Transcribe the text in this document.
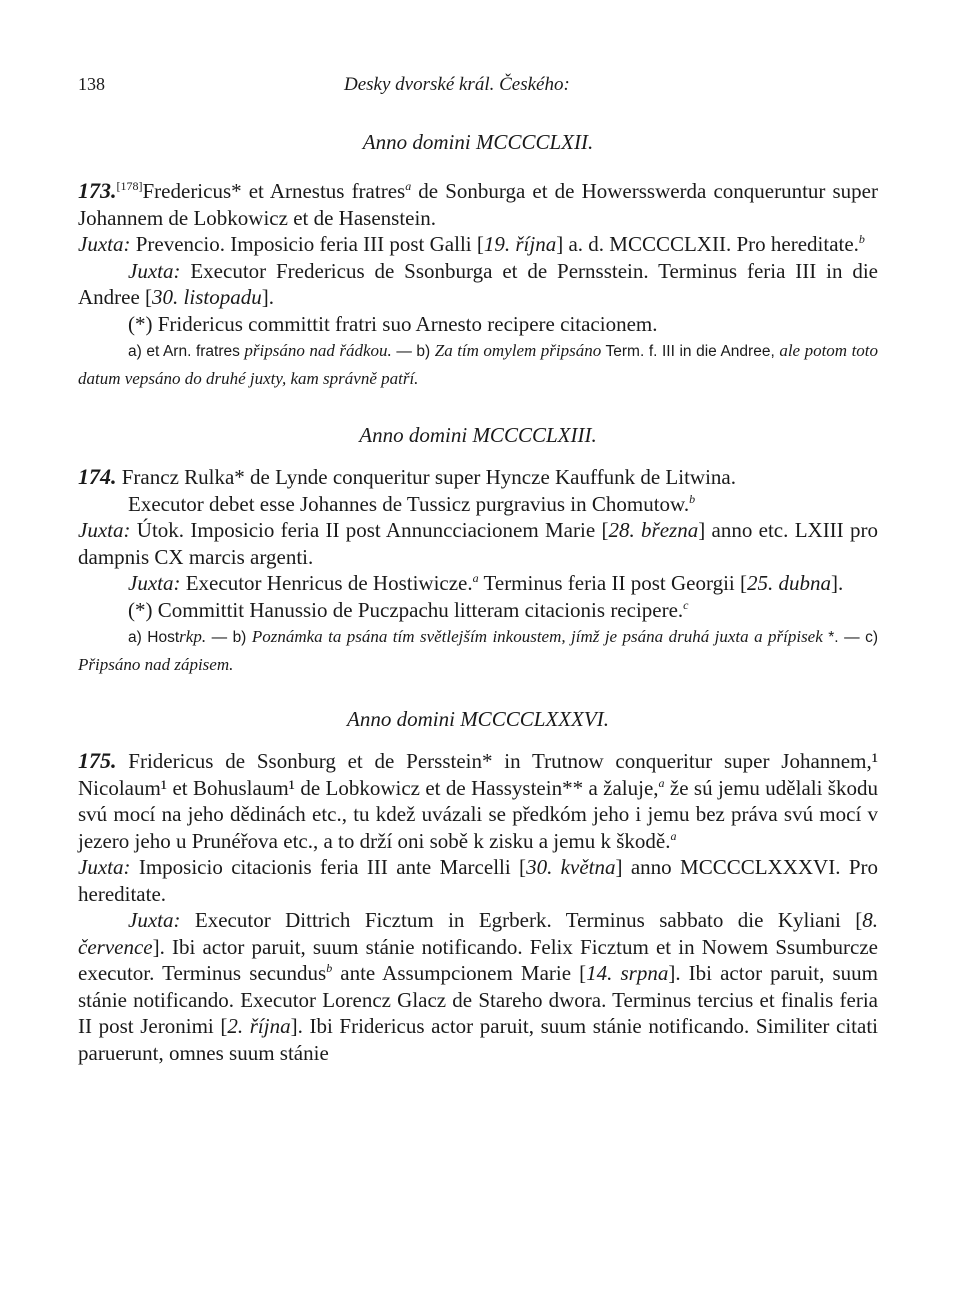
138	Desky dvorské král. Českého:

Anno domini MCCCCLXII.

173.[178]Fredericus* et Arnestus fratres$^a$ de Sonburga et de Howersswerda conqueruntur super Johannem de Lobkowicz et de Hasenstein.

Juxta: Prevencio. Imposicio feria III post Galli [19. října] a. d. MCCCCLXII. Pro hereditate.$^b$

Juxta: Executor Fredericus de Ssonburga et de Pernsstein. Terminus feria III in die Andree [30. listopadu].

(*) Fridericus committit fratri suo Arnesto recipere citacionem.

a) et Arn. fratres připsáno nad řádkou. — b) Za tím omylem připsáno Term. f. III in die Andree, ale potom toto datum vepsáno do druhé juxty, kam správně patří.

Anno domini MCCCCLXIII.

174. Francz Rulka* de Lynde conqueritur super Hyncze Kauffunk de Litwina.

Executor debet esse Johannes de Tussicz purgravius in Chomutow.$^b$

Juxta: Útok. Imposicio feria II post Annuncciacionem Marie [28. března] anno etc. LXIII pro dampnis CX marcis argenti.

Juxta: Executor Henricus de Hostiwicze.$^a$ Terminus feria II post Georgii [25. dubna].

(*) Committit Hanussio de Puczpachu litteram citacionis recipere.$^c$

a) Hostrkp. — b) Poznámka ta psána tím světlejším inkoustem, jímž je psána druhá juxta a přípisek *. — c) Připsáno nad zápisem.

Anno domini MCCCCLXXXVI.

175. Fridericus de Ssonburg et de Persstein* in Trutnow conqueritur super Johannem,¹ Nicolaum¹ et Bohuslaum¹ de Lobkowicz et de Hassystein** a žaluje,$^a$ že sú jemu udělali škodu svú mocí na jeho dědinách etc., tu kdež uvázali se předkóm jeho i jemu bez práva svú mocí v jezero jeho u Prunéřova etc., a to drží oni sobě k zisku a jemu k škodě.$^a$

Juxta: Imposicio citacionis feria III ante Marcelli [30. května] anno MCCCCLXXXVI. Pro hereditate.

Juxta: Executor Dittrich Ficztum in Egrberk. Terminus sabbato die Kyliani [8. července]. Ibi actor paruit, suum stánie notificando. Felix Ficztum et in Nowem Ssumburcze executor. Terminus secundus$^b$ ante Assumpcionem Marie [14. srpna]. Ibi actor paruit, suum stánie notificando. Executor Lorencz Glacz de Stareho dwora. Terminus tercius et finalis feria II post Jeronimi [2. října]. Ibi Fridericus actor paruit, suum stánie notificando. Similiter citati paruerunt, omnes suum stánie
